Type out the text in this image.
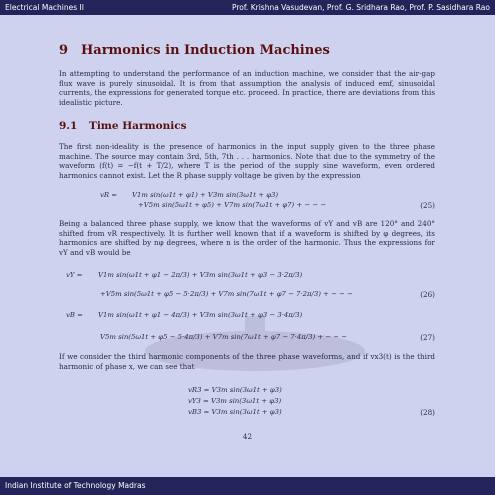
Electrical Machines II	Prof. Krishna Vasudevan, Prof. G. Sridhara Rao, Prof. P. Sasidhara Rao
9 Harmonics in Induction Machines

In attempting to understand the performance of an induction machine, we consider that the air-gap flux wave is purely sinusoidal. It is from that assumption the analysis of induced emf, sinusoidal currents, the expressions for generated torque etc. proceed. In practice, there are deviations from this idealistic picture.

9.1 Time Harmonics

The first non-ideality is the presence of harmonics in the input supply given to the three phase machine. The source may contain 3rd, 5th, 7th . . . harmonics. Note that due to the symmetry of the waveform (f(t) = −f(t + T/2), where T is the period of the supply sine waveform, even ordered harmonics cannot exist. Let the R phase supply voltage be given by the expression

vR = V1m sin(ω1t + φ1) + V3m sin(3ω1t + φ3)
+V5m sin(5ω1t + φ5) + V7m sin(7ω1t + φ7) + − − −	(25)

Being a balanced three phase supply, we know that the waveforms of vY and vB are 120° and 240° shifted from vR respectively. It is further well known that if a waveform is shifted by φ degrees, its harmonics are shifted by nφ degrees, where n is the order of the harmonic. Thus the expressions for vY and vB would be

vY = V1m sin(ω1t + φ1 − 2π/3) + V3m sin(3ω1t + φ3 − 3·2π/3)
+V5m sin(5ω1t + φ5 − 5·2π/3) + V7m sin(7ω1t + φ7 − 7·2π/3) + − − −	(26)
vB = V1m sin(ω1t + φ1 − 4π/3) + V3m sin(3ω1t + φ3 − 3·4π/3)
V5m sin(5ω1t + φ5 − 5·4π/3) + V7m sin(7ω1t + φ7 − 7·4π/3) + − − −	(27)

If we consider the third harmonic components of the three phase waveforms, and if vx3(t) is the third harmonic of phase x, we can see that

vR3 = V3m sin(3ω1t + φ3)
vY3 = V3m sin(3ω1t + φ3)
vB3 = V3m sin(3ω1t + φ3)	(28)
42
Indian Institute of Technology Madras
